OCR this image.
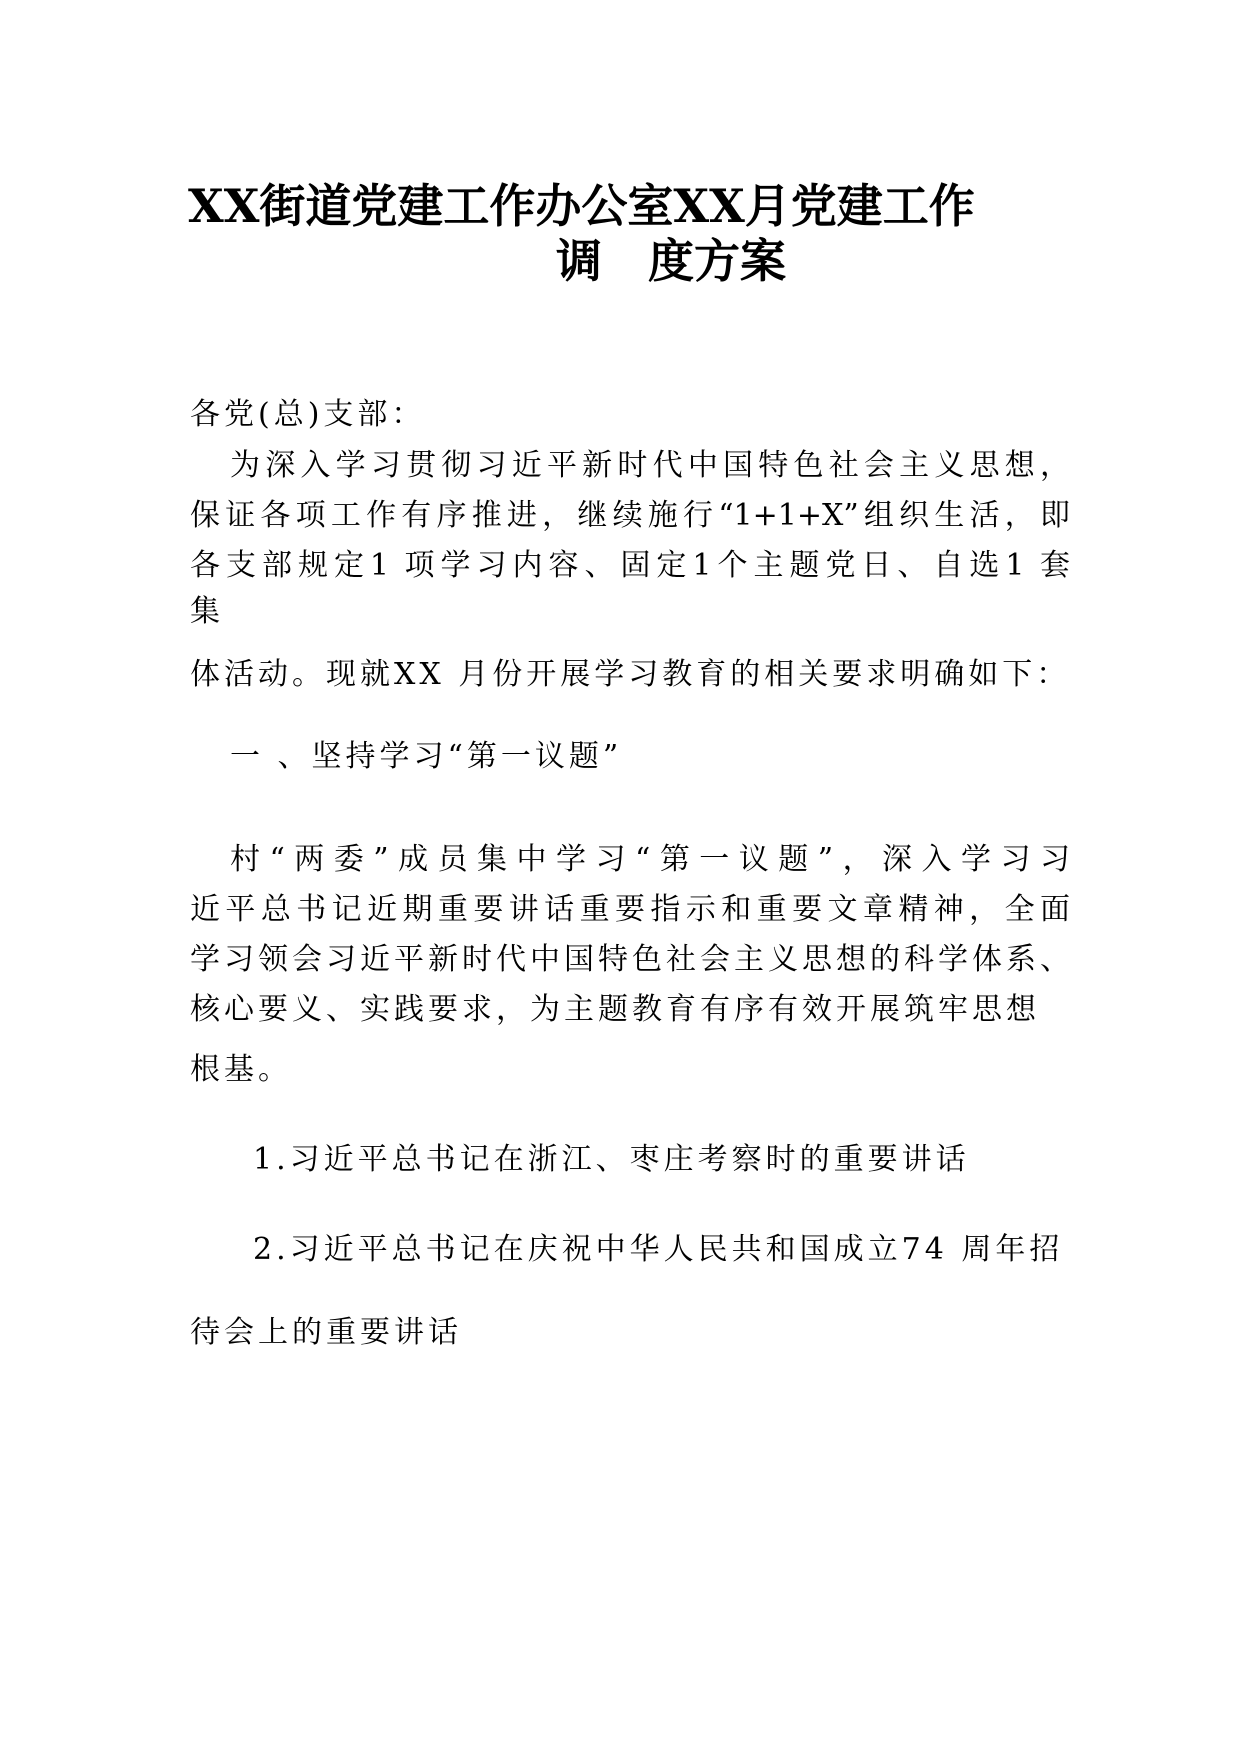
XX街道党建工作办公室XX月党建工作
调　度方案
各党(总)支部：
为深入学习贯彻习近平新时代中国特色社会主义思想，
保证各项工作有序推进，继续施行“1+1+X”组织生活，即
各支部规定1 项学习内容、固定1个主题党日、自选1 套
集
体活动。现就XX 月份开展学习教育的相关要求明确如下：
一 、坚持学习“第一议题”
村“两委”成员集中学习“第一议题”，深入学习习
近平总书记近期重要讲话重要指示和重要文章精神，全面
学习领会习近平新时代中国特色社会主义思想的科学体系、
核心要义、实践要求，为主题教育有序有效开展筑牢思想
根基。
1.习近平总书记在浙江、枣庄考察时的重要讲话
2.习近平总书记在庆祝中华人民共和国成立74 周年招
待会上的重要讲话
